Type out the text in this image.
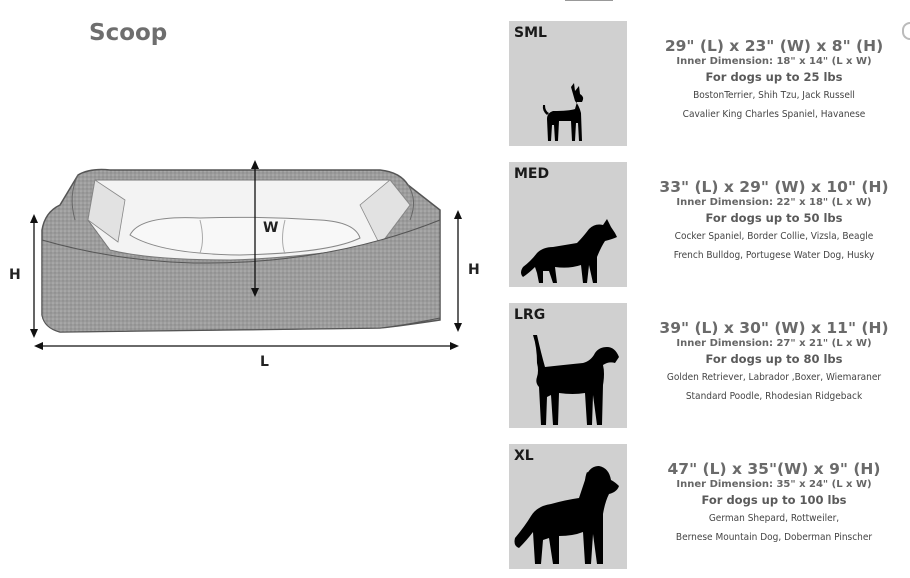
Scoop
H	H
W
L
SML
29" (L) x 23" (W) x 8" (H)
Inner Dimension: 18" x 14" (L x W)
For dogs up to 25 lbs
BostonTerrier, Shih Tzu, Jack Russell
Cavalier King Charles Spaniel, Havanese
MED
33" (L) x 29" (W) x 10" (H)
Inner Dimension: 22" x 18" (L x W)
For dogs up to 50 lbs
Cocker Spaniel, Border Collie, Vizsla, Beagle
French Bulldog, Portugese Water Dog, Husky
LRG
39" (L) x 30" (W) x 11" (H)
Inner Dimension: 27" x 21" (L x W)
For dogs up to 80 lbs
Golden Retriever, Labrador ,Boxer, Wiemaraner
Standard Poodle, Rhodesian Ridgeback
XL
47" (L) x 35"(W) x 9" (H)
Inner Dimension: 35" x 24" (L x W)
For dogs up to 100 lbs
German Shepard, Rottweiler,
Bernese Mountain Dog, Doberman Pinscher
